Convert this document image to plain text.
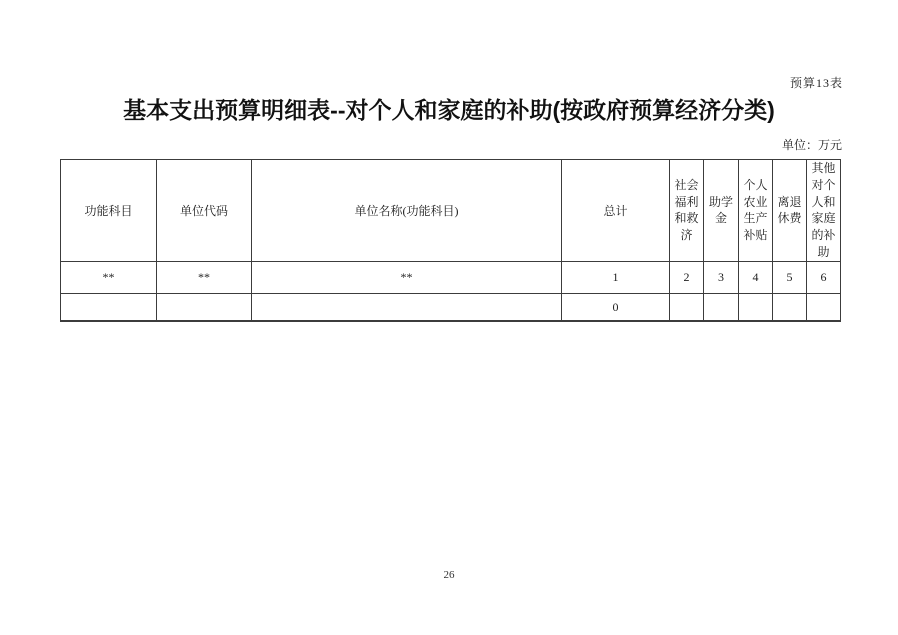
预算13表
基本支出预算明细表--对个人和家庭的补助(按政府预算经济分类)
单位：万元
功能科目	单位代码	单位名称(功能科目)	总计	社会福利和救济	助学金	个人农业生产补贴	离退休费	其他对个人和家庭的补助
**	**	**	1	2	3	4	5	6
			0					
26
